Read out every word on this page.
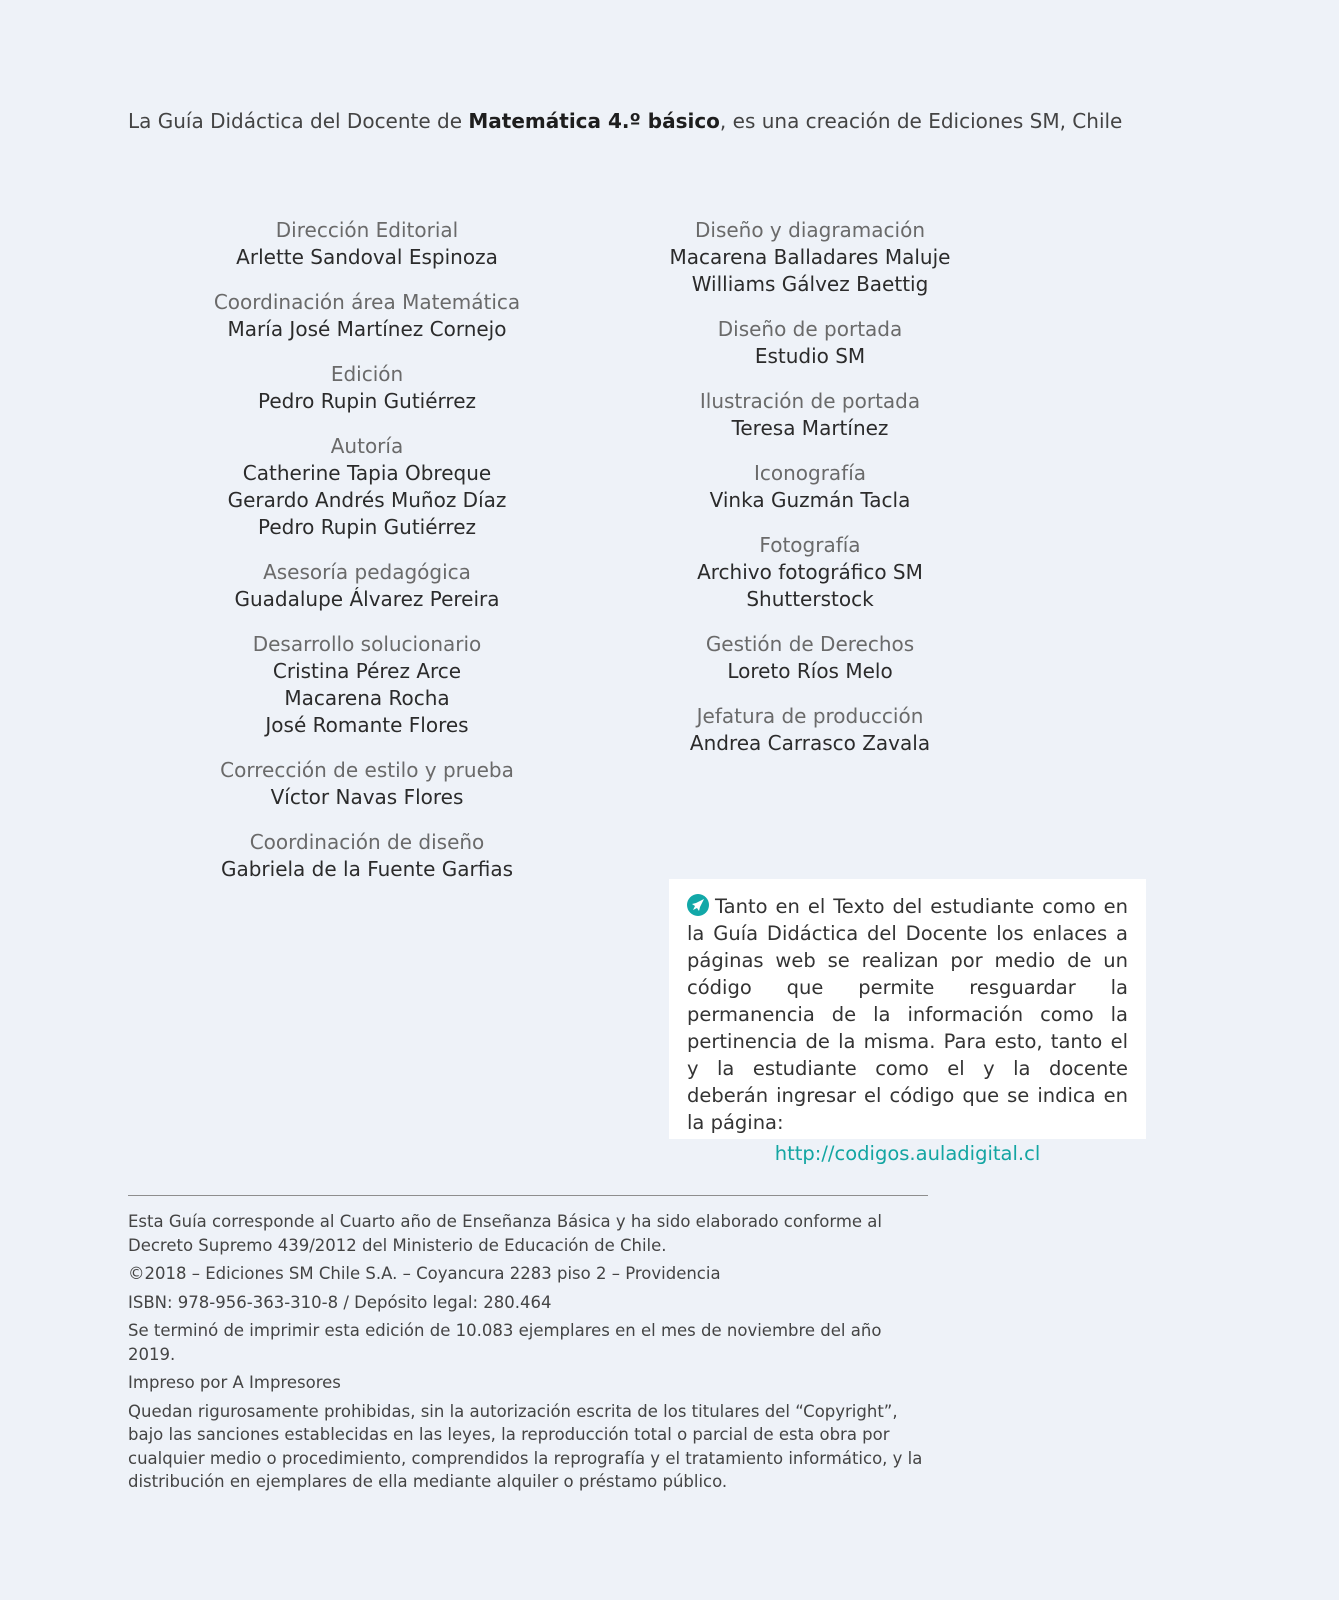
La Guía Didáctica del Docente de Matemática 4.º básico, es una creación de Ediciones SM, Chile
Dirección Editorial
Arlette Sandoval Espinoza
Coordinación área Matemática
María José Martínez Cornejo
Edición
Pedro Rupin Gutiérrez
Autoría
Catherine Tapia Obreque
Gerardo Andrés Muñoz Díaz
Pedro Rupin Gutiérrez
Asesoría pedagógica
Guadalupe Álvarez Pereira
Desarrollo solucionario
Cristina Pérez Arce
Macarena Rocha
José Romante Flores
Corrección de estilo y prueba
Víctor Navas Flores
Coordinación de diseño
Gabriela de la Fuente Garfias
Diseño y diagramación
Macarena Balladares Maluje
Williams Gálvez Baettig
Diseño de portada
Estudio SM
Ilustración de portada
Teresa Martínez
Iconografía
Vinka Guzmán Tacla
Fotografía
Archivo fotográfico SM
Shutterstock
Gestión de Derechos
Loreto Ríos Melo
Jefatura de producción
Andrea Carrasco Zavala
Tanto en el Texto del estudiante como en la Guía Didáctica del Docente los enlaces a páginas web se realizan por medio de un código que permite resguardar la permanencia de la información como la pertinencia de la misma. Para esto, tanto el y la estudiante como el y la docente deberán ingresar el código que se indica en la página:
http://codigos.auladigital.cl

Esta Guía corresponde al Cuarto año de Enseñanza Básica y ha sido elaborado conforme al Decreto Supremo 439/2012 del Ministerio de Educación de Chile.

©2018 – Ediciones SM Chile S.A. – Coyancura 2283 piso 2 – Providencia

ISBN: 978-956-363-310-8 / Depósito legal: 280.464

Se terminó de imprimir esta edición de 10.083 ejemplares en el mes de noviembre del año 2019.

Impreso por A Impresores

Quedan rigurosamente prohibidas, sin la autorización escrita de los titulares del “Copyright”, bajo las sanciones establecidas en las leyes, la reproducción total o parcial de esta obra por cualquier medio o procedimiento, comprendidos la reprografía y el tratamiento informático, y la distribución en ejemplares de ella mediante alquiler o préstamo público.
